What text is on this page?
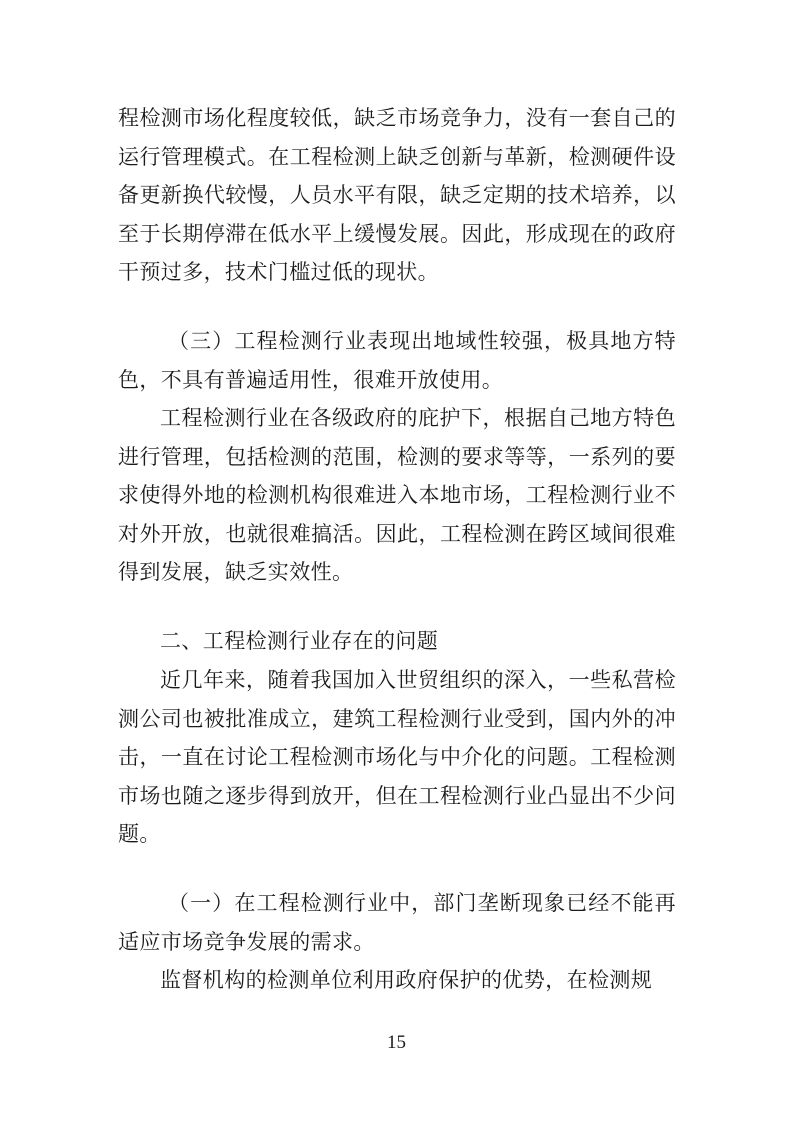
程检测市场化程度较低，缺乏市场竞争力，没有一套自己的运行管理模式。在工程检测上缺乏创新与革新，检测硬件设备更新换代较慢，人员水平有限，缺乏定期的技术培养，以至于长期停滞在低水平上缓慢发展。因此，形成现在的政府干预过多，技术门槛过低的现状。

（三）工程检测行业表现出地域性较强，极具地方特色，不具有普遍适用性，很难开放使用。

工程检测行业在各级政府的庇护下，根据自己地方特色进行管理，包括检测的范围，检测的要求等等，一系列的要求使得外地的检测机构很难进入本地市场，工程检测行业不对外开放，也就很难搞活。因此，工程检测在跨区域间很难得到发展，缺乏实效性。

二、工程检测行业存在的问题

近几年来，随着我国加入世贸组织的深入，一些私营检测公司也被批准成立，建筑工程检测行业受到，国内外的冲击，一直在讨论工程检测市场化与中介化的问题。工程检测市场也随之逐步得到放开，但在工程检测行业凸显出不少问题。

（一）在工程检测行业中，部门垄断现象已经不能再适应市场竞争发展的需求。

监督机构的检测单位利用政府保护的优势，在检测规

15
